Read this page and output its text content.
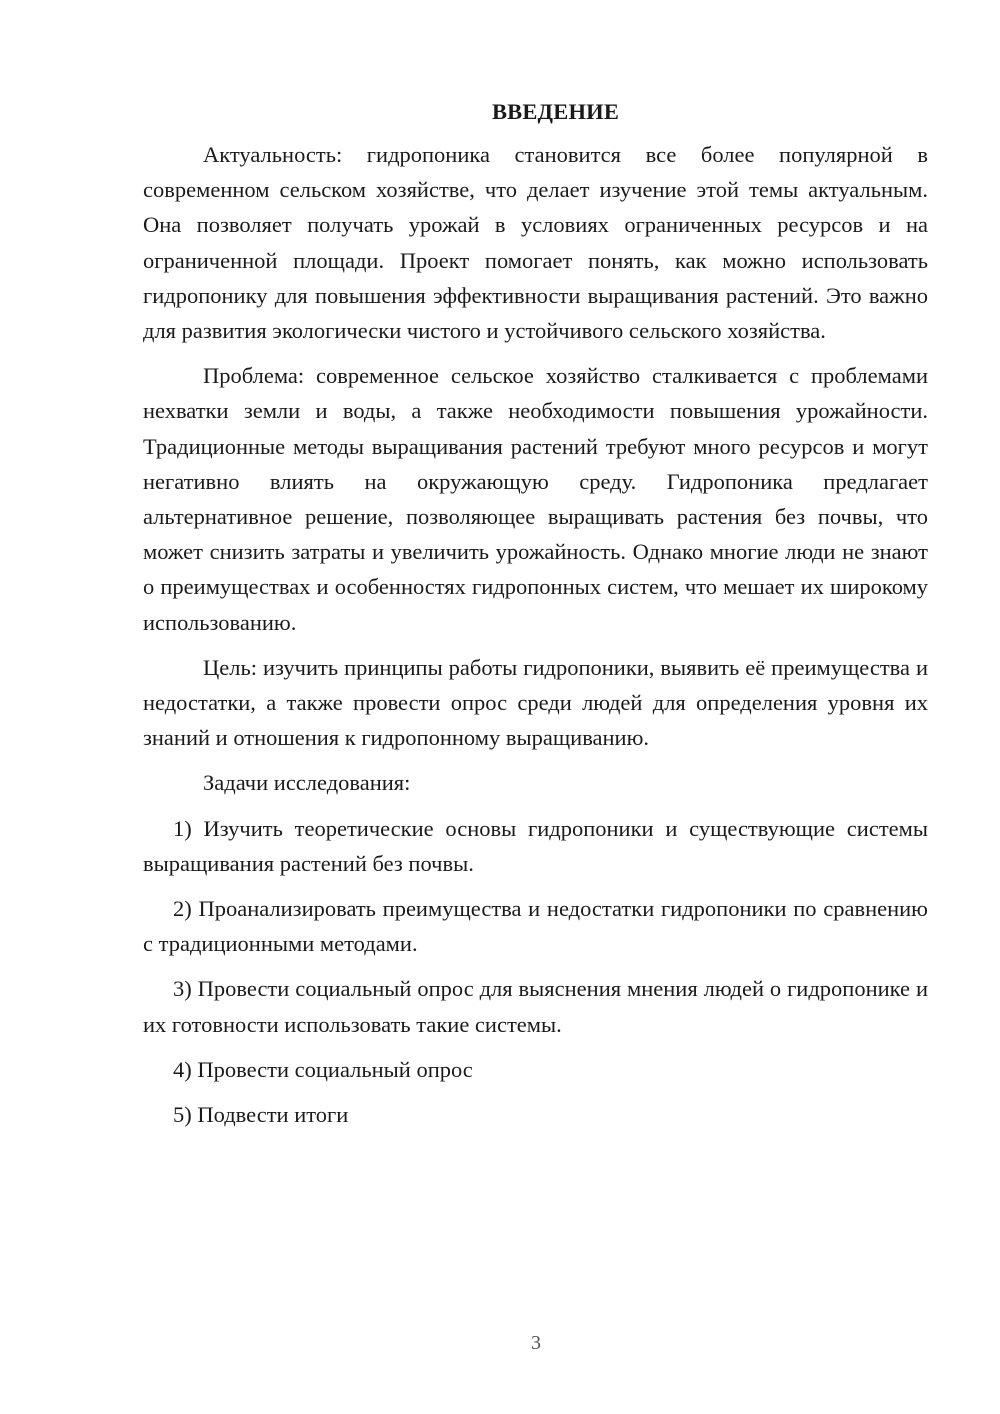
ВВЕДЕНИЕ

Актуальность: гидропоника становится все более популярной в современном сельском хозяйстве, что делает изучение этой темы актуальным. Она позволяет получать урожай в условиях ограниченных ресурсов и на ограниченной площади. Проект помогает понять, как можно использовать гидропонику для повышения эффективности выращивания растений. Это важно для развития экологически чистого и устойчивого сельского хозяйства.

Проблема: современное сельское хозяйство сталкивается с проблемами нехватки земли и воды, а также необходимости повышения урожайности. Традиционные методы выращивания растений требуют много ресурсов и могут негативно влиять на окружающую среду. Гидропоника предлагает альтернативное решение, позволяющее выращивать растения без почвы, что может снизить затраты и увеличить урожайность. Однако многие люди не знают о преимуществах и особенностях гидропонных систем, что мешает их широкому использованию.

Цель: изучить принципы работы гидропоники, выявить её преимущества и недостатки, а также провести опрос среди людей для определения уровня их знаний и отношения к гидропонному выращиванию.

Задачи исследования:

1) Изучить теоретические основы гидропоники и существующие системы выращивания растений без почвы.

2) Проанализировать преимущества и недостатки гидропоники по сравнению с традиционными методами.

3) Провести социальный опрос для выяснения мнения людей о гидропонике и их готовности использовать такие системы.

4) Провести социальный опрос

5) Подвести итоги

3
